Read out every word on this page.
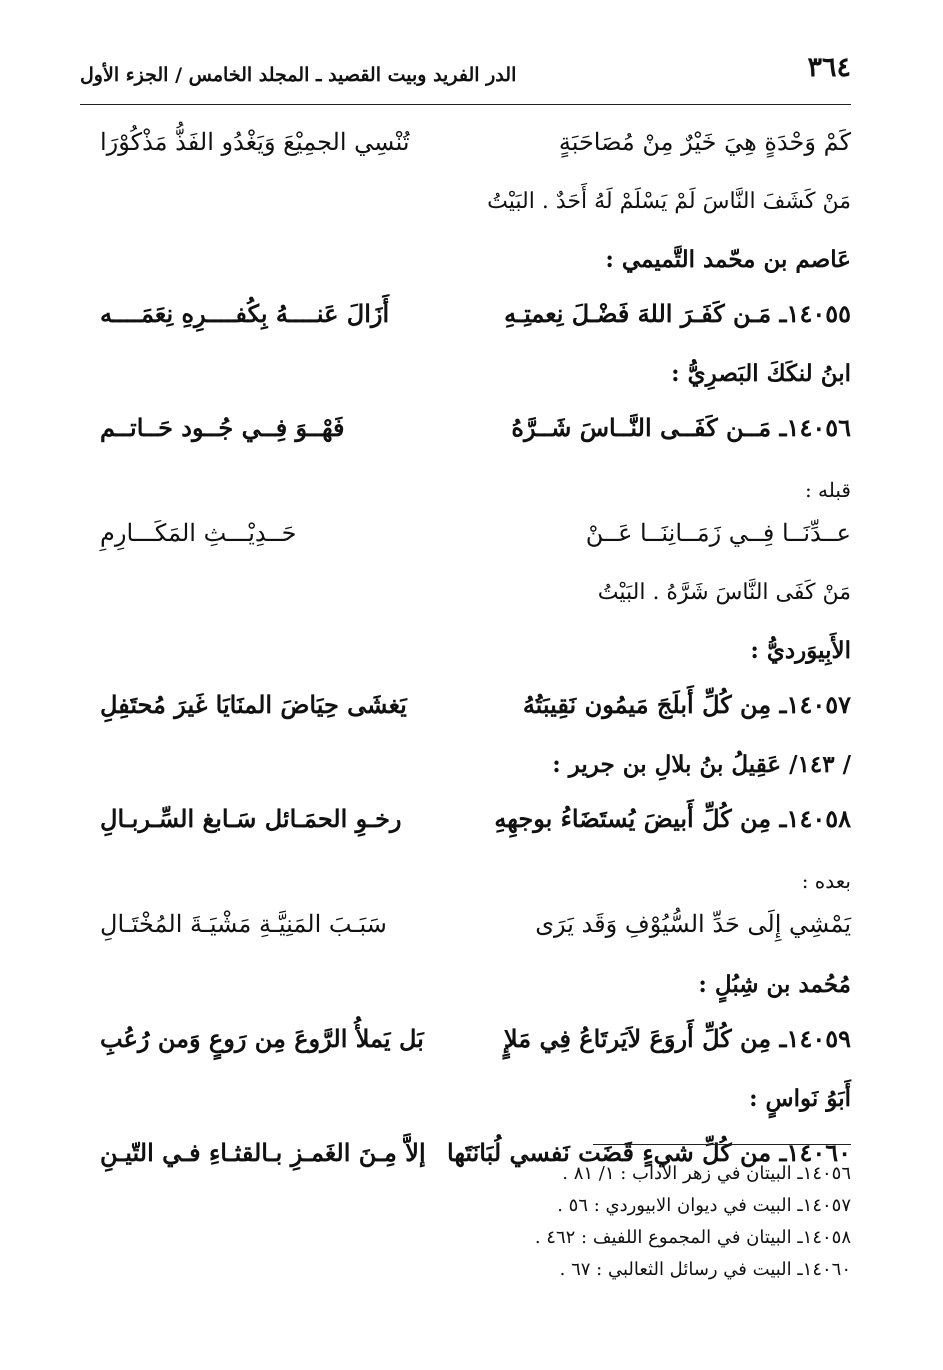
٣٦٤
الدر الفريد وبيت القصيد ـ المجلد الخامس / الجزء الأول
كَمْ وَحْدَةٍ هِيَ خَيْرٌ مِنْ مُصَاحَبَةٍ
تُنْسِي الجمِيْعَ وَيَغْدُو الفَذُّ مَذْكُوْرَا
مَنْ كَشَفَ النَّاسَ لَمْ يَسْلَمْ لَهُ أَحَدٌ . البَيْتُ
عَاصم بن محّمد التَّميمي :
١٤٠٥٥ـ مَـن كَفَـرَ اللهَ فَضْـلَ نِعمتِـهِ
أَزَالَ عَنــــهُ بِكُفــــرِهِ نِعَمَــــه
ابنُ لنكَكَ البَصرِيُّ :
١٤٠٥٦ـ مَــن كَفَــى النَّــاسَ شَــرَّهُ
فَهْــوَ فِــي جُــود حَــاتــم
قبله :
عــدِّنَــا فِــي زَمَــانِنَــا عَــنْ
حَــدِيْـــثِ المَكَـــارِمِ
مَنْ كَفَى النَّاسَ شَرَّهُ . البَيْتُ
الأَبِيوَرديُّ :
١٤٠٥٧ـ مِن كُلِّ أَبلَجَ مَيمُون نَقِيبَتُهُ
يَغشَى حِيَاضَ المنَايَا غَيرَ مُحتَفِلِ
/ ١٤٣/ عَقِيلُ بنُ بلالِ بن جرير :
١٤٠٥٨ـ مِن كُلِّ أَبيضَ يُستَضَاءُ بوجهِهِ
رخـوِ الحمَـائل سَـابغ السِّـربـالِ
بعده :
يَمْشِي إِلَى حَدِّ السُّيُوْفِ وَقَد يَرَى
سَبَـبَ المَنِيَّـةِ مَشْيَـةَ المُخْتَـالِ
مُحُمد بن شِبُلٍ :
١٤٠٥٩ـ مِن كُلِّ أَروَعَ لاَيَرتَاعُ فِي مَلإٍ
بَل يَملأُ الرَّوعَ مِن رَوعٍ وَمن رُعُبِ
أَبَوُ نَواسٍ :
١٤٠٦٠ـ من كُلِّ شيءٍ قَضَت نَفسي لُبَانَتَها
إلاَّ مِـنَ الغَمـزِ بـالقثـاءِ فـي التّيـنِ
١٤٠٥٦ـ البيتان في زهر الآداب : ١/ ٨١ .
١٤٠٥٧ـ البيت في ديوان الابيوردي : ٥٦ .
١٤٠٥٨ـ البيتان في المجموع اللفيف : ٤٦٢ .
١٤٠٦٠ـ البيت في رسائل الثعالبي : ٦٧ .
